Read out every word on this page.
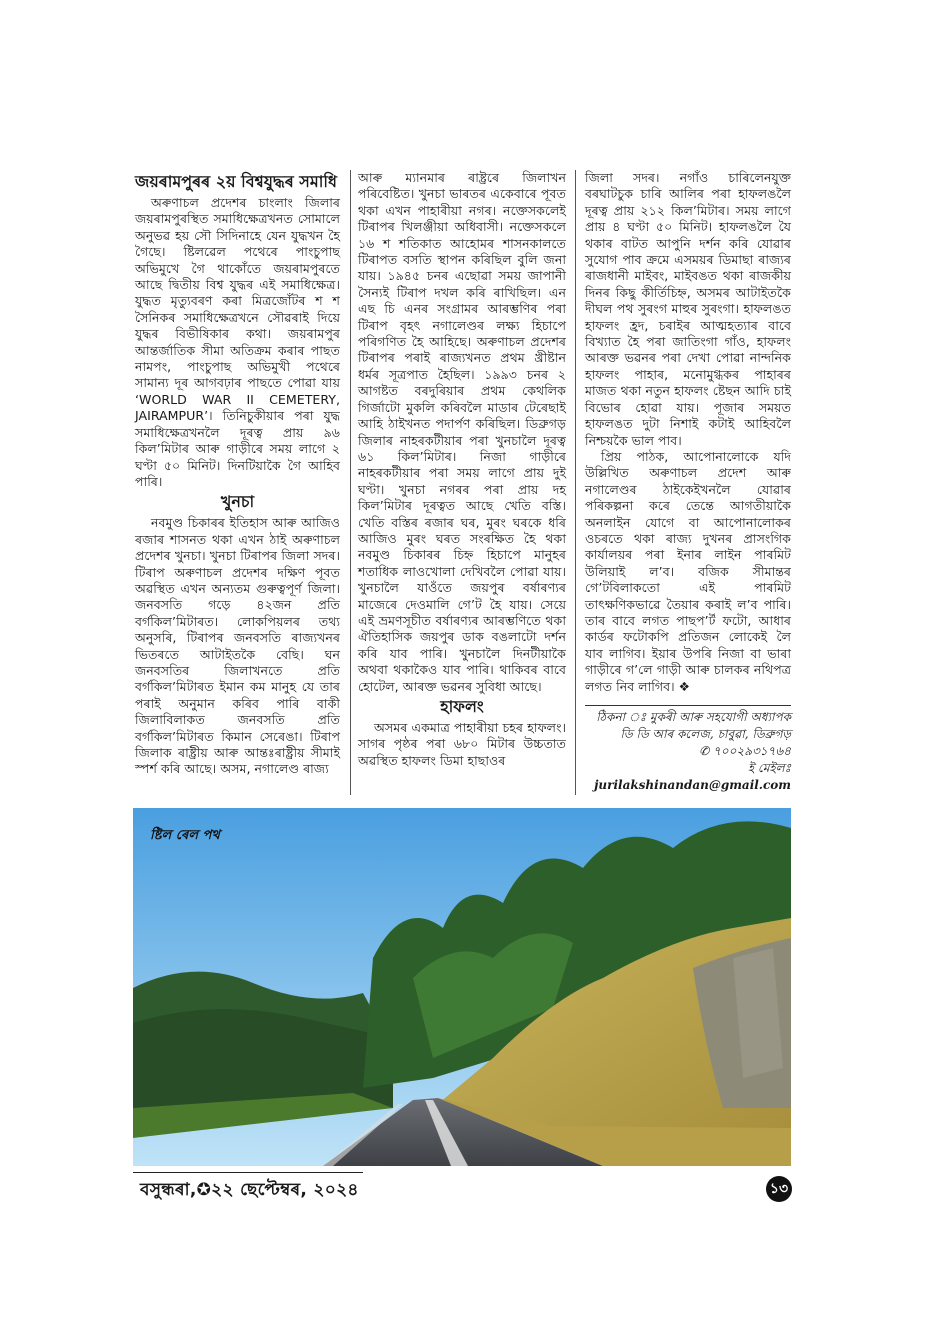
জয়ৰামপুৰৰ ২য় বিশ্বযুদ্ধৰ সমাধি

অৰুণাচল প্ৰদেশৰ চাংলাং জিলাৰ জয়ৰামপুৰস্থিত সমাধিক্ষেত্ৰখনত সোমালে অনুভৱ হয় সৌ সিদিনাহে যেন যুদ্ধখন হৈ গৈছে। ষ্টিলৱেল পথেৰে পাংচুপাছ অভিমুখে গৈ থাকোঁতে জয়ৰামপুৰতে আছে দ্বিতীয় বিশ্ব যুদ্ধৰ এই সমাধিক্ষেত্ৰ। যুদ্ধত মৃত্যুবৰণ কৰা মিত্ৰজোঁটৰ শ শ সৈনিকৰ সমাধিক্ষেত্ৰখনে সৌৱৰাই দিয়ে যুদ্ধৰ বিভীষিকাৰ কথা। জয়ৰামপুৰ আন্তৰ্জাতিক সীমা অতিক্ৰম কৰাৰ পাছত নামপং, পাংচুপাছ অভিমুখী পথেৰে সামান্য দূৰ আগবঢ়াৰ পাছতে পোৱা যায় ‘WORLD WAR II CEMETERY, JAIRAMPUR’। তিনিচুকীয়াৰ পৰা যুদ্ধ সমাধিক্ষেত্ৰখনলৈ দূৰত্ব প্ৰায় ৯৬ কিল’মিটাৰ আৰু গাড়ীৰে সময় লাগে ২ ঘণ্টা ৫০ মিনিট। দিনটিয়াকৈ গৈ আহিব পাৰি।

খুনচা

নবমুণ্ড চিকাৰৰ ইতিহাস আৰু আজিও ৰজাৰ শাসনত থকা এখন ঠাই অৰুণাচল প্ৰদেশৰ খুনচা। খুনচা টিৰাপৰ জিলা সদৰ। টিৰাপ অৰুণাচল প্ৰদেশৰ দক্ষিণ পূবত অৱস্থিত এখন অন্যতম গুৰুত্বপূৰ্ণ জিলা। জনবসতি গড়ে ৪২জন প্ৰতি বৰ্গকিল’মিটাৰত। লোকপিয়লৰ তথ্য অনুসৰি, টিৰাপৰ জনবসতি ৰাজ্যখনৰ ভিতৰতে আটাইতকৈ বেছি। ঘন জনবসতিৰ জিলাখনতে প্ৰতি বৰ্গকিল’মিটাৰত ইমান কম মানুহ যে তাৰ পৰাই অনুমান কৰিব পাৰি বাকী জিলাবিলাকত জনবসতি প্ৰতি বৰ্গকিল’মিটাৰত কিমান সেৰেঙা। টিৰাপ জিলাক ৰাষ্ট্ৰীয় আৰু আন্তঃৰাষ্ট্ৰীয় সীমাই স্পৰ্শ কৰি আছে। অসম, নগালেণ্ড ৰাজ্য

আৰু ম্যানমাৰ ৰাষ্ট্ৰৰে জিলাখন পৰিবেষ্টিত। খুনচা ভাৰতৰ একেবাৰে পূবত থকা এখন পাহাৰীয়া নগৰ। নক্তেসকলেই টিৰাপৰ খিলঞ্জীয়া অধিবাসী। নক্তেসকলে ১৬ শ শতিকাত আহোমৰ শাসনকালতে টিৰাপত বসতি স্থাপন কৰিছিল বুলি জনা যায়। ১৯৪৫ চনৰ এছোৱা সময় জাপানী সৈন্যই টিৰাপ দখল কৰি ৰাখিছিল। এন এছ চি এনৰ সংগ্ৰামৰ আৰম্ভণিৰ পৰা টিৰাপ বৃহৎ নগালেণ্ডৰ লক্ষ্য হিচাপে পৰিগণিত হৈ আহিছে। অৰুণাচল প্ৰদেশৰ টিৰাপৰ পৰাই ৰাজ্যখনত প্ৰথম খ্ৰীষ্টান ধৰ্মৰ সূত্ৰপাত হৈছিল। ১৯৯৩ চনৰ ২ আগষ্টত বৰদুৰিয়াৰ প্ৰথম কেথলিক গিৰ্জাটো মুকলি কৰিবলৈ মাডাৰ টেৰেছাই আহি ঠাইখনত পদাৰ্পণ কৰিছিল। ডিব্ৰুগড় জিলাৰ নাহৰকটীয়াৰ পৰা খুনচালৈ দূৰত্ব ৬১ কিল’মিটাৰ। নিজা গাড়ীৰে নাহৰকটীয়াৰ পৰা সময় লাগে প্ৰায় দুই ঘণ্টা। খুনচা নগৰৰ পৰা প্ৰায় দহ কিল’মিটাৰ দূৰত্বত আছে খেতি বস্তি। খেতি বস্তিৰ ৰজাৰ ঘৰ, মুৰং ঘৰকে ধৰি আজিও মুৰং ঘৰত সংৰক্ষিত হৈ থকা নবমুণ্ড চিকাৰৰ চিহ্ন হিচাপে মানুহৰ শতাধিক লাওখোলা দেখিবলৈ পোৱা যায়। খুনচালৈ যাওঁতে জয়পুৰ বৰ্ষাৰণ্যৰ মাজেৰে দেওমালি গে’ট হৈ যায়। সেয়ে এই ভ্ৰমণসূচীত বৰ্ষাৰণ্যৰ আৰম্ভণিতে থকা ঐতিহাসিক জয়পুৰ ডাক বঙলাটো দৰ্শন কৰি যাব পাৰি। খুনচালৈ দিনটীয়াকৈ অথবা থকাকৈও যাব পাৰি। থাকিবৰ বাবে হোটেল, আৰক্ত ভৱনৰ সুবিধা আছে।

হাফলং

অসমৰ একমাত্ৰ পাহাৰীয়া চহৰ হাফলং। সাগৰ পৃষ্ঠৰ পৰা ৬৮০ মিটাৰ উচ্চতাত অৱস্থিত হাফলং ডিমা হাছাওৰ

জিলা সদৰ। নগাঁও চাৰিলেনযুক্ত বৰঘাটচুক চাৰি আলিৰ পৰা হাফলঙলৈ দূৰত্ব প্ৰায় ২১২ কিল’মিটাৰ। সময় লাগে প্ৰায় ৪ ঘণ্টা ৫০ মিনিট। হাফলঙলৈ যৈ থকাৰ বাটত আপুনি দৰ্শন কৰি যোৱাৰ সুযোগ পাব ক্ৰমে এসময়ৰ ডিমাছা ৰাজ্যৰ ৰাজধানী মাইবং, মাইবঙত থকা ৰাজকীয় দিনৰ কিছু কীৰ্তিচিহ্ন, অসমৰ আটাইতকৈ দীঘল পথ সুৰংগ মাহুৰ সুৰংগা। হাফলঙত হাফলং হ্ৰদ, চৰাইৰ আত্মহত্যাৰ বাবে বিখ্যাত হৈ পৰা জাতিংগা গাঁও, হাফলং আৰক্ত ভৱনৰ পৰা দেখা পোৱা নান্দনিক হাফলং পাহাৰ, মনোমুগ্ধকৰ পাহাৰৰ মাজত থকা নতুন হাফলং ষ্টেছন আদি চাই বিভোৰ হোৱা যায়। পূজাৰ সময়ত হাফলঙত দুটা নিশাই কটাই আহিবলৈ নিশ্চয়কৈ ভাল পাব।

প্ৰিয় পাঠক, আপোনালোকে যদি উল্লিখিত অৰুণাচল প্ৰদেশ আৰু নগালেণ্ডৰ ঠাইকেইখনলৈ যোৱাৰ পৰিকল্পনা কৰে তেন্তে আগতীয়াকৈ অনলাইন যোগে বা আপোনালোকৰ ওচৰতে থকা ৰাজ্য দুখনৰ প্ৰাসংগিক কাৰ্যালয়ৰ পৰা ইনাৰ লাইন পাৰমিট উলিয়াই ল’ব। বজিক সীমান্তৰ গে’টবিলাকতো এই পাৰমিট তাৎক্ষণিকভাৱে তৈয়াৰ কৰাই ল’ব পাৰি। তাৰ বাবে লগত পাছপ’ৰ্ট ফটো, আধাৰ কাৰ্ডৰ ফটোকপি প্ৰতিজন লোকেই লৈ যাব লাগিব। ইয়াৰ উপৰি নিজা বা ভাৰা গাড়ীৰে গ’লে গাড়ী আৰু চালকৰ নথিপত্ৰ লগত নিব লাগিব। ❖

ঠিকনা ঃ মুকৰী আৰু সহযোগী অধ্যাপক
ডি ডি আৰ কলেজ, চাবুৱা, ডিব্ৰুগড়
✆ ৭০০২৯৩১৭৬৪
ই মেইলঃ
jurilakshinandan@gmail.com
ষ্টিল ৰেল পথ
বসুন্ধৰা,✪২২ ছেপ্টেম্বৰ, ২০২৪	১৩
